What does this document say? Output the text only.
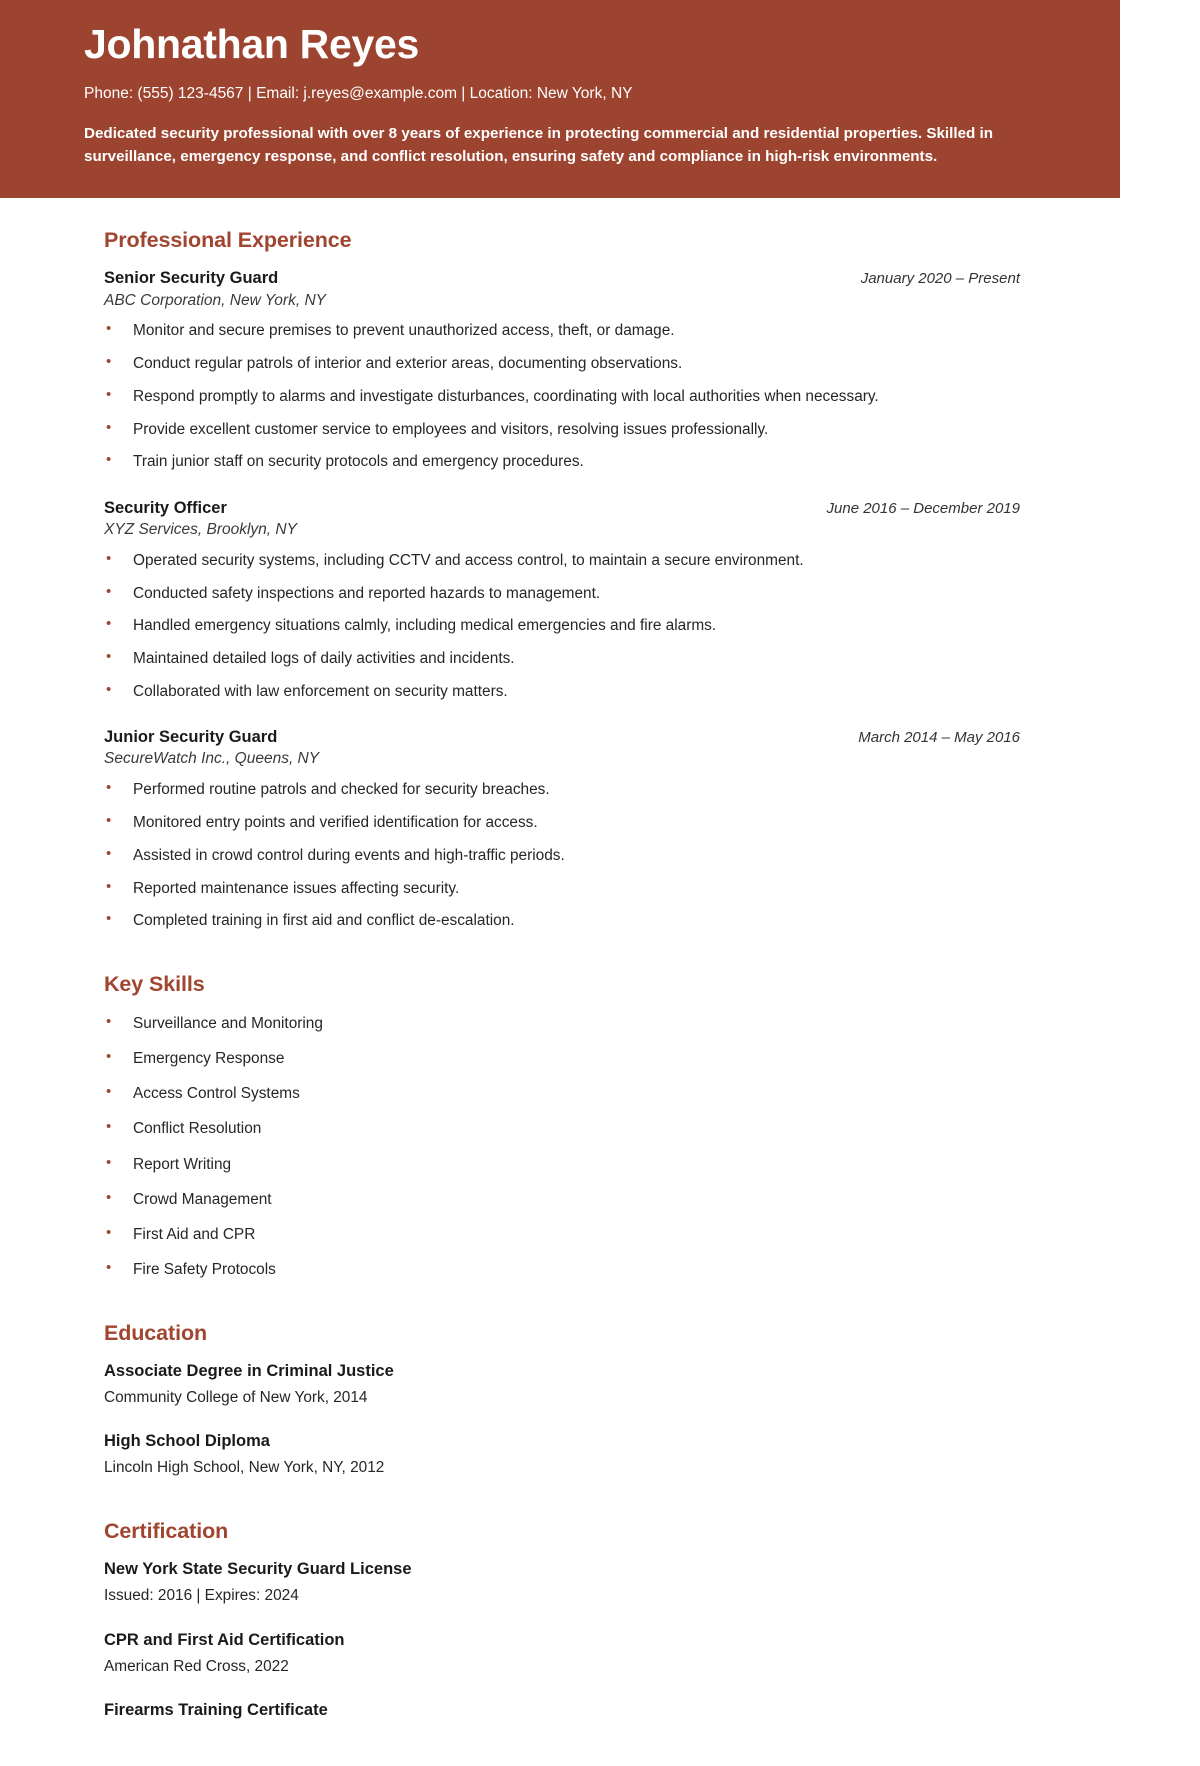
Johnathan Reyes
Phone: (555) 123-4567 | Email: j.reyes@example.com | Location: New York, NY
Dedicated security professional with over 8 years of experience in protecting commercial and residential properties. Skilled in surveillance, emergency response, and conflict resolution, ensuring safety and compliance in high-risk environments.
Professional Experience
Senior Security Guard	January 2020 – Present
ABC Corporation, New York, NY
• Monitor and secure premises to prevent unauthorized access, theft, or damage.
• Conduct regular patrols of interior and exterior areas, documenting observations.
• Respond promptly to alarms and investigate disturbances, coordinating with local authorities when necessary.
• Provide excellent customer service to employees and visitors, resolving issues professionally.
• Train junior staff on security protocols and emergency procedures.
Security Officer	June 2016 – December 2019
XYZ Services, Brooklyn, NY
• Operated security systems, including CCTV and access control, to maintain a secure environment.
• Conducted safety inspections and reported hazards to management.
• Handled emergency situations calmly, including medical emergencies and fire alarms.
• Maintained detailed logs of daily activities and incidents.
• Collaborated with law enforcement on security matters.
Junior Security Guard	March 2014 – May 2016
SecureWatch Inc., Queens, NY
• Performed routine patrols and checked for security breaches.
• Monitored entry points and verified identification for access.
• Assisted in crowd control during events and high-traffic periods.
• Reported maintenance issues affecting security.
• Completed training in first aid and conflict de-escalation.
Key Skills
• Surveillance and Monitoring
• Emergency Response
• Access Control Systems
• Conflict Resolution
• Report Writing
• Crowd Management
• First Aid and CPR
• Fire Safety Protocols
Education
Associate Degree in Criminal Justice
Community College of New York, 2014
High School Diploma
Lincoln High School, New York, NY, 2012
Certification
New York State Security Guard License
Issued: 2016 | Expires: 2024
CPR and First Aid Certification
American Red Cross, 2022
Firearms Training Certificate
